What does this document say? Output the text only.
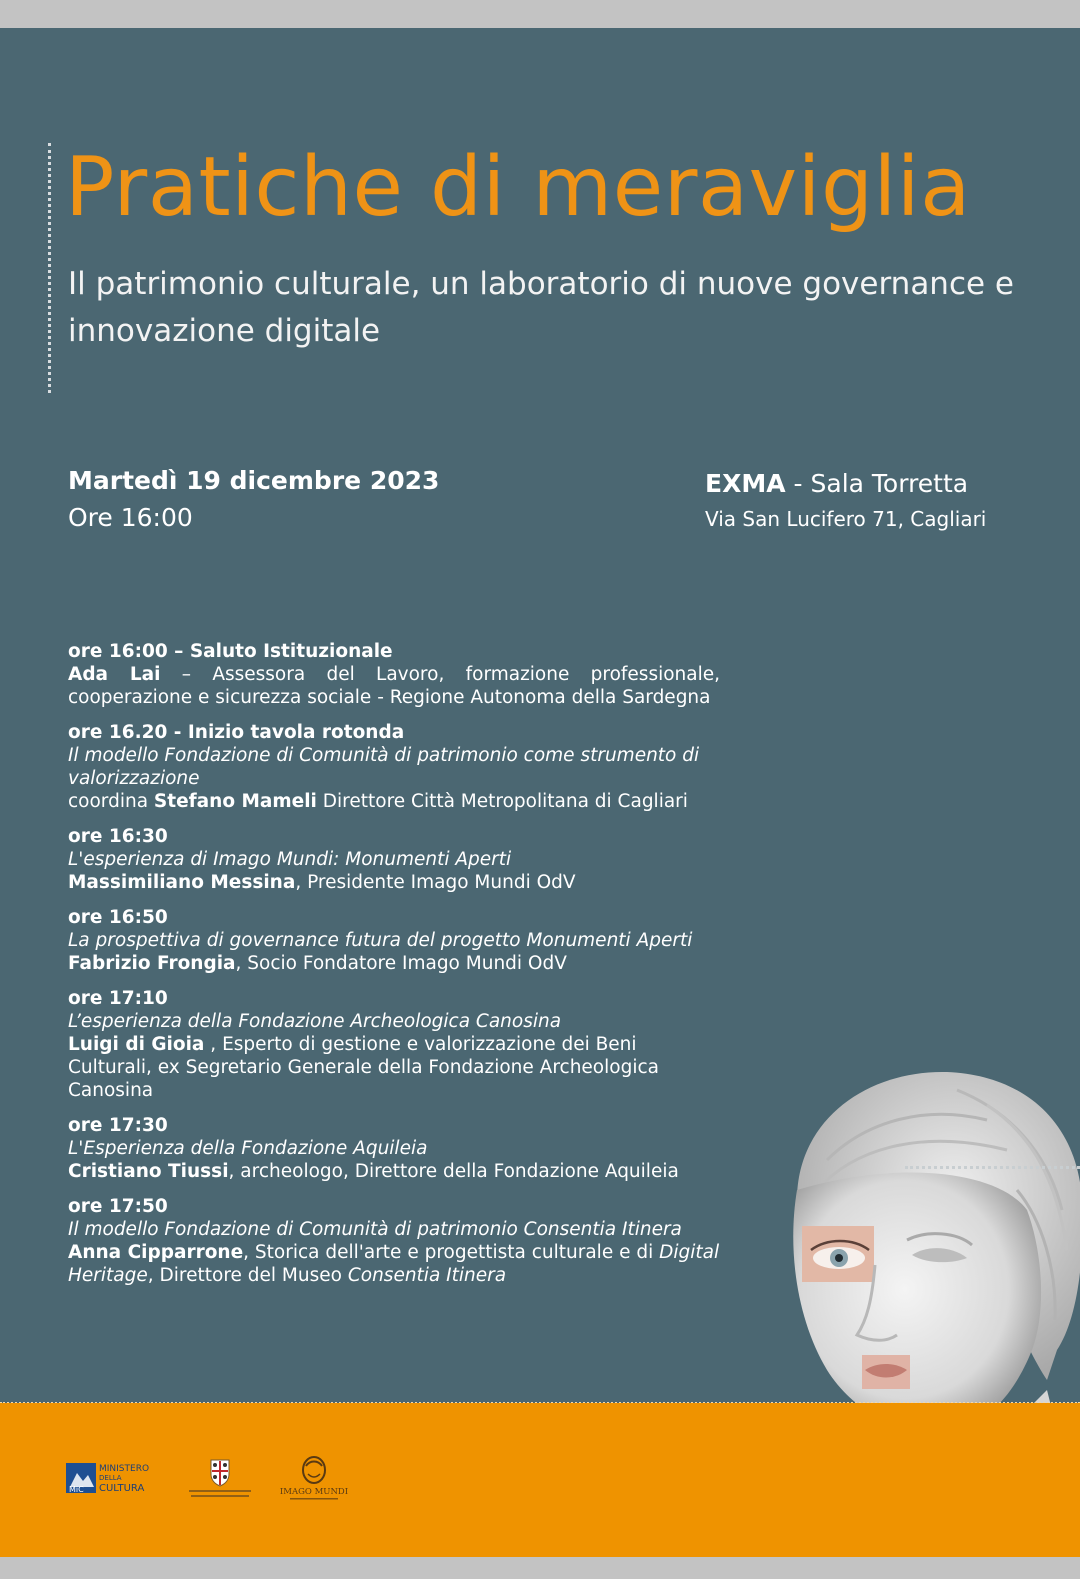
Pratiche di meraviglia

Il patrimonio culturale, un laboratorio di nuove governance e innovazione digitale

Martedì 19 dicembre 2023
Ore 16:00
EXMA - Sala Torretta
Via San Lucifero 71, Cagliari
ore 16:00 – Saluto Istituzionale
Ada Lai – Assessora del Lavoro, formazione professionale, cooperazione e sicurezza sociale - Regione Autonoma della Sardegna
ore 16.20 - Inizio tavola rotonda
Il modello Fondazione di Comunità di patrimonio come strumento di valorizzazione
coordina Stefano Mameli Direttore Città Metropolitana di Cagliari
ore 16:30
L'esperienza di Imago Mundi: Monumenti Aperti
Massimiliano Messina, Presidente Imago Mundi OdV
ore 16:50
La prospettiva di governance futura del progetto Monumenti Aperti
Fabrizio Frongia, Socio Fondatore Imago Mundi OdV
ore 17:10
L’esperienza della Fondazione Archeologica Canosina
Luigi di Gioia , Esperto di gestione e valorizzazione dei Beni Culturali, ex Segretario Generale della Fondazione Archeologica Canosina
ore 17:30
L'Esperienza della Fondazione Aquileia
Cristiano Tiussi, archeologo, Direttore della Fondazione Aquileia
ore 17:50
Il modello Fondazione di Comunità di patrimonio Consentia Itinera
Anna Cipparrone, Storica dell'arte e progettista culturale e di Digital Heritage, Direttore del Museo Consentia Itinera
MiC
MINISTERO
DELLA
CULTURA	IMAGO MUNDI
